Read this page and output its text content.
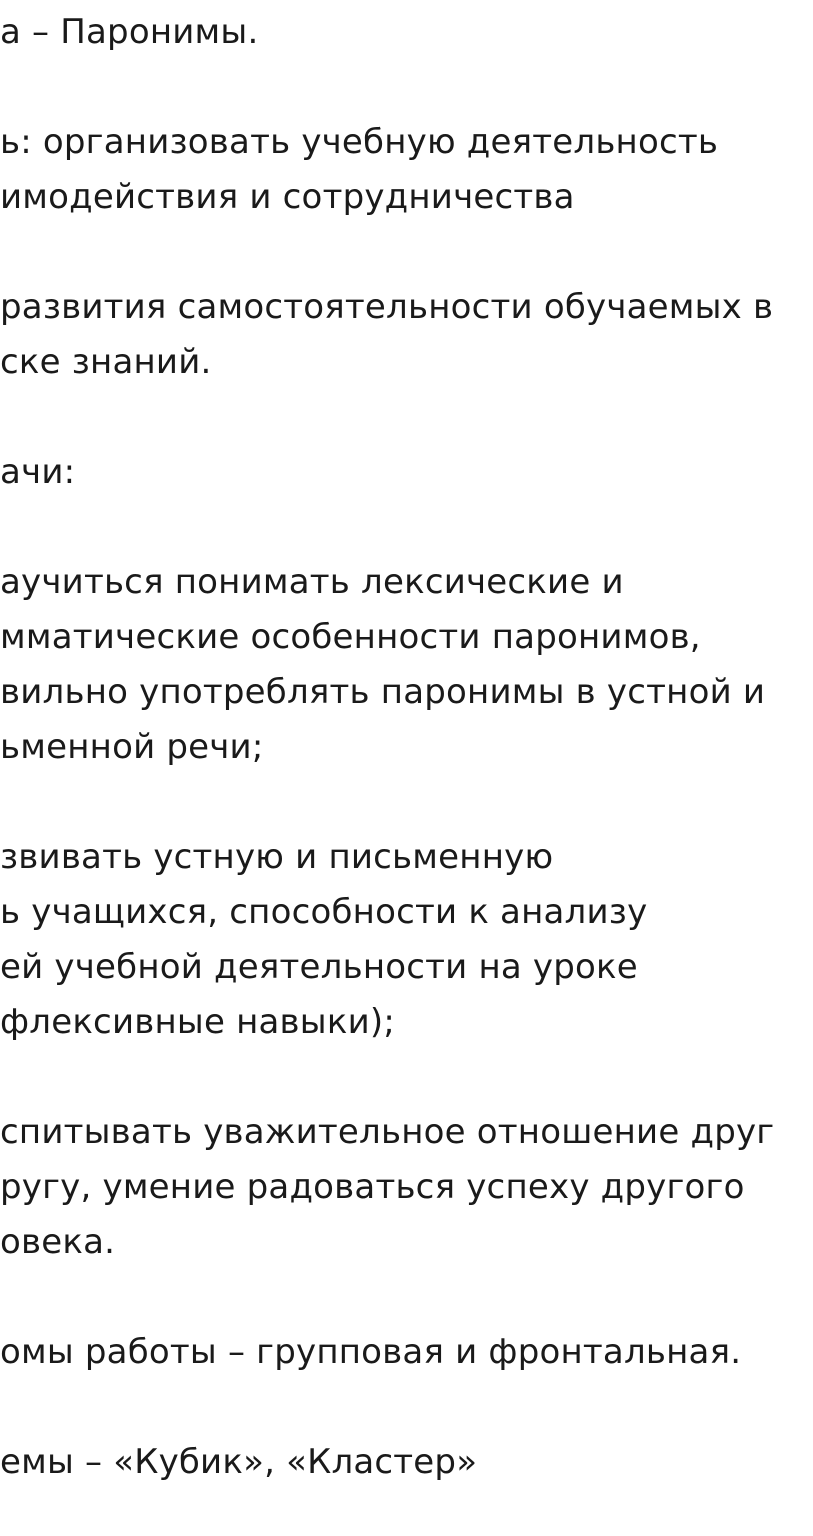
а – Паронимы.
ь: организовать учебную деятельность
имодействия и сотрудничества
развития самостоятельности обучаемых в
ске знаний.
ачи:
аучиться понимать лексические и
мматические особенности паронимов,
вильно употреблять паронимы в устной и
ьменной речи;
звивать устную и письменную
ь учащихся, способности к анализу
ей учебной деятельности на уроке
флексивные навыки);
спитывать уважительное отношение друг
ругу, умение радоваться успеху другого
овека.
омы работы – групповая и фронтальная.
емы – «Кубик», «Кластер»
